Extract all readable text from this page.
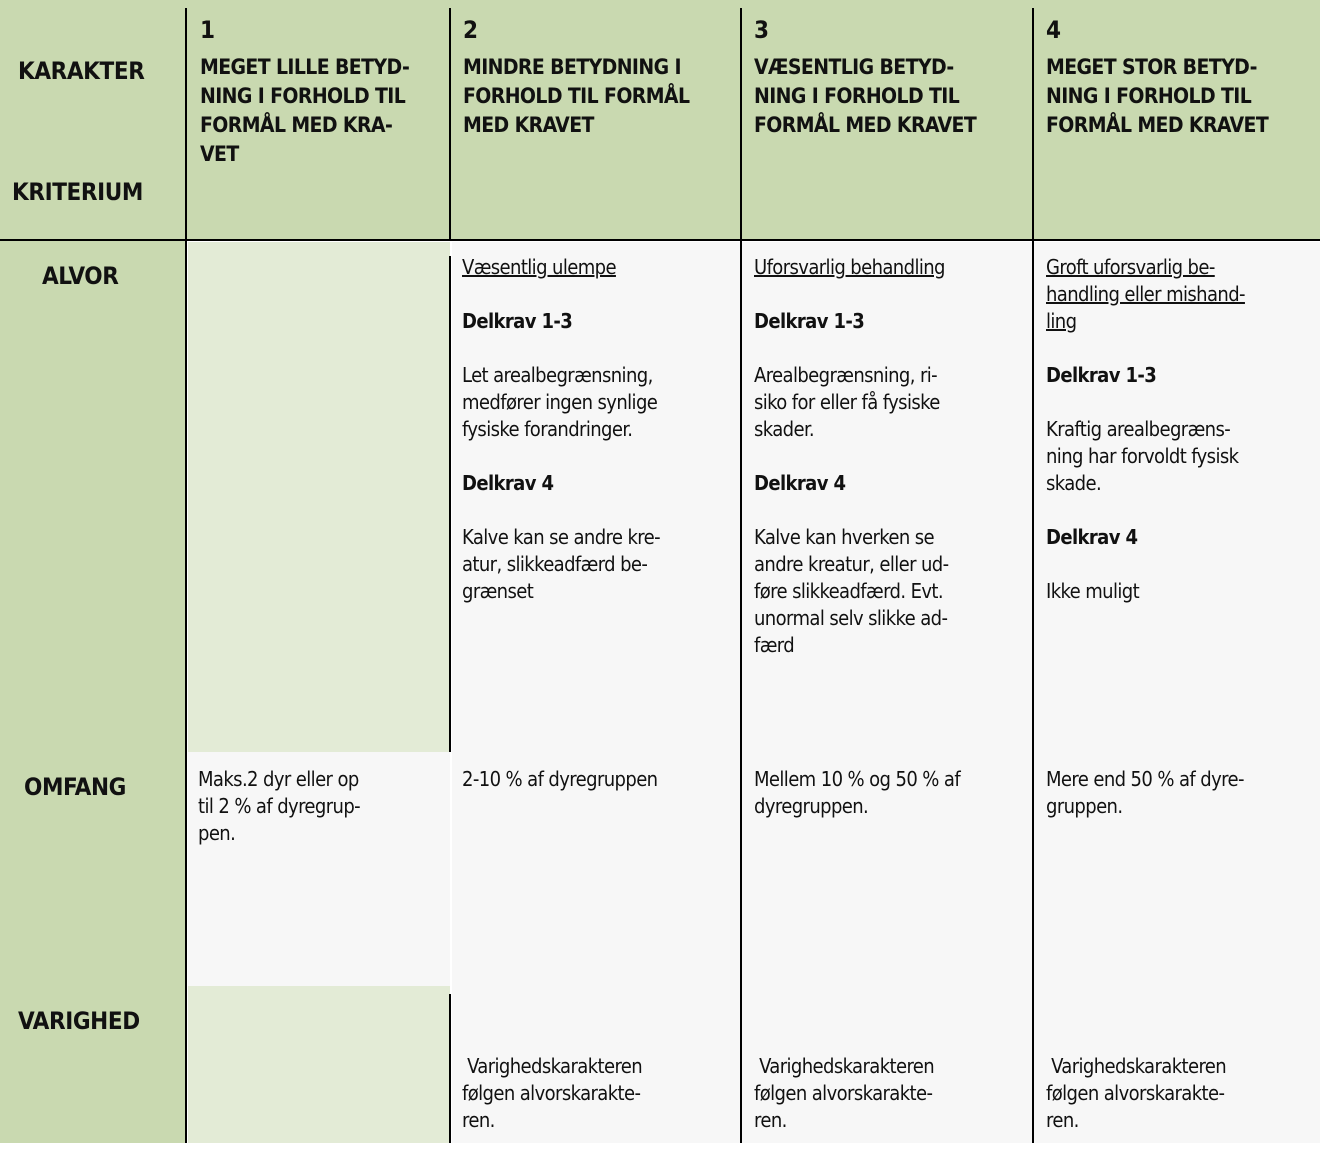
KARAKTER
KRITERIUM
1
MEGET LILLE BETYD-
NING I FORHOLD TIL
FORMÅL MED KRA-
VET
2
MINDRE BETYDNING I
FORHOLD TIL FORMÅL
MED KRAVET
3
VÆSENTLIG BETYD-
NING I FORHOLD TIL
FORMÅL MED KRAVET
4
MEGET STOR BETYD-
NING I FORHOLD TIL
FORMÅL MED KRAVET
ALVOR
OMFANG
VARIGHED
Væsentlig ulempe
Delkrav 1-3

Let arealbegrænsning,

medfører ingen synlige

fysiske forandringer.

Delkrav 4

Kalve kan se andre kre-

atur, slikkeadfærd be-

grænset

Uforsvarlig behandling
Delkrav 1-3

Arealbegrænsning, ri-

siko for eller få fysiske

skader.

Delkrav 4

Kalve kan hverken se

andre kreatur, eller ud-

føre slikkeadfærd. Evt.

unormal selv slikke ad-

færd

Groft uforsvarlig be-
handling eller mishand-
ling
Delkrav 1-3

Kraftig arealbegræns-

ning har forvoldt fysisk

skade.

Delkrav 4

Ikke muligt

Maks.2 dyr eller op

til 2 % af dyregrup-

pen.

2-10 % af dyregruppen	Mellem 10 % og 50 % af

dyregruppen.

Mere end 50 % af dyre-

gruppen.

Varighedskarakteren

følgen alvorskarakte-

ren.

Varighedskarakteren

følgen alvorskarakte-

ren.

Varighedskarakteren

følgen alvorskarakte-

ren.
